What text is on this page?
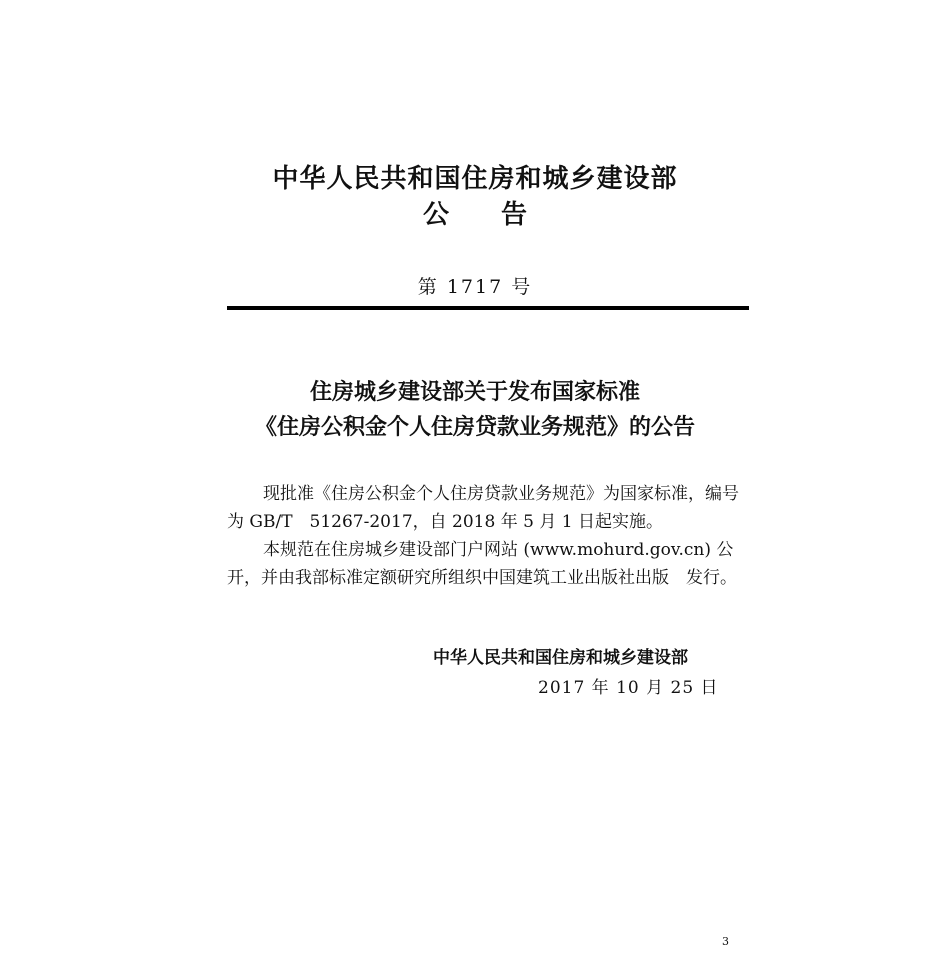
中华人民共和国住房和城乡建设部
公 告
第 1717 号
住房城乡建设部关于发布国家标准
《住房公积金个人住房贷款业务规范》的公告
现批准《住房公积金个人住房贷款业务规范》为国家标准，编号为 GB/T　51267-2017，自 2018 年 5 月 1 日起实施。
本规范在住房城乡建设部门户网站 (www.mohurd.gov.cn) 公开，并由我部标准定额研究所组织中国建筑工业出版社出版　发行。
中华人民共和国住房和城乡建设部
2017 年 10 月 25 日
3
